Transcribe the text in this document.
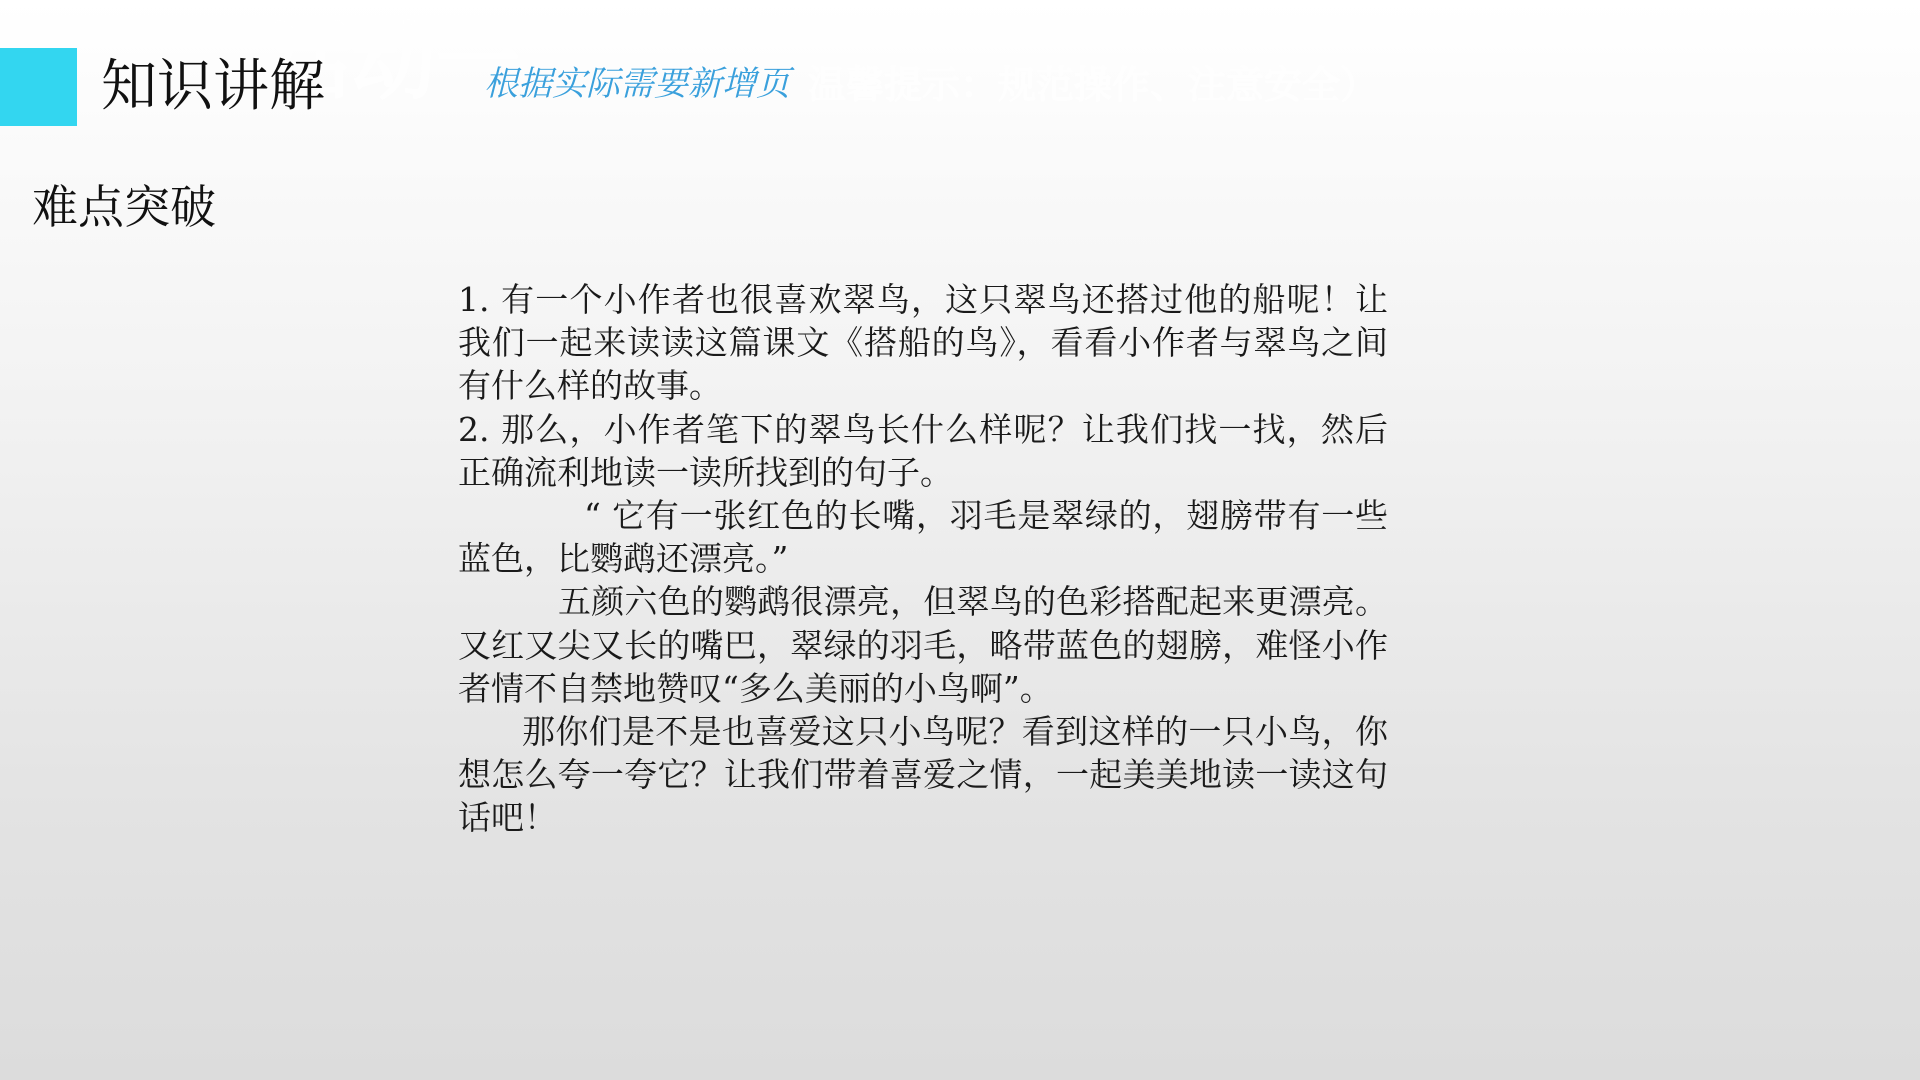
活动一	温馨提示：规范操作、注意安全）
知识讲解	根据实际需要新增页
难点突破

1. 有一个小作者也很喜欢翠鸟，这只翠鸟还搭过他的船呢！让我们一起来读读这篇课文《搭船的鸟》，看看小作者与翠鸟之间有什么样的故事。

2. 那么，小作者笔下的翠鸟长什么样呢？让我们找一找，然后正确流利地读一读所找到的句子。

“ 它有一张红色的长嘴，羽毛是翠绿的，翅膀带有一些蓝色，比鹦鹉还漂亮。”

五颜六色的鹦鹉很漂亮，但翠鸟的色彩搭配起来更漂亮。又红又尖又长的嘴巴，翠绿的羽毛，略带蓝色的翅膀，难怪小作者情不自禁地赞叹“多么美丽的小鸟啊”。

那你们是不是也喜爱这只小鸟呢？看到这样的一只小鸟，你想怎么夸一夸它？让我们带着喜爱之情，一起美美地读一读这句话吧！
